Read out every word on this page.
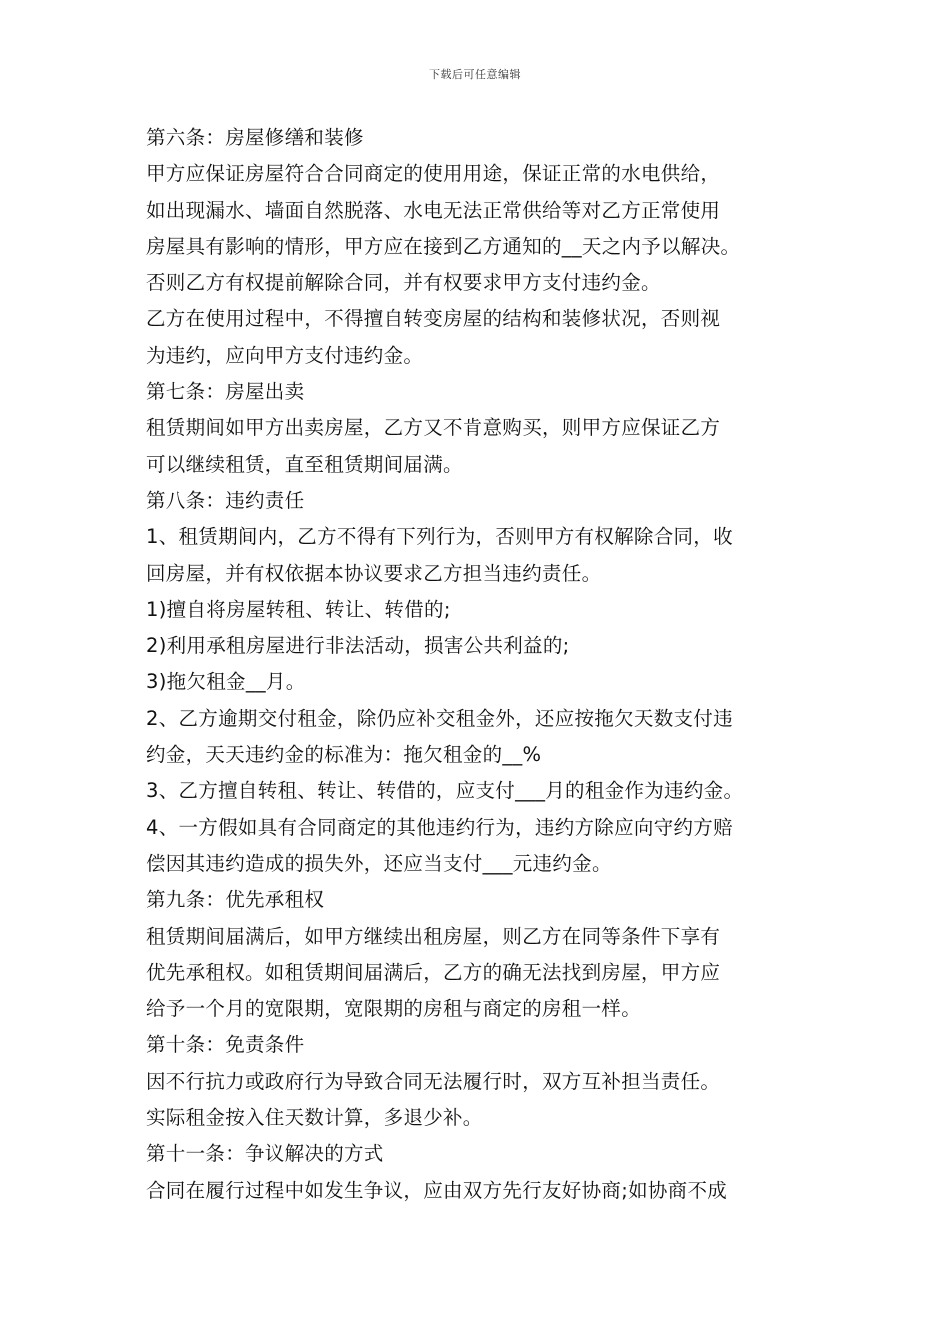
下载后可任意编辑
第六条：房屋修缮和装修
甲方应保证房屋符合合同商定的使用用途，保证正常的水电供给，
如出现漏水、墙面自然脱落、水电无法正常供给等对乙方正常使用
房屋具有影响的情形，甲方应在接到乙方通知的__天之内予以解决。
否则乙方有权提前解除合同，并有权要求甲方支付违约金。
乙方在使用过程中，不得擅自转变房屋的结构和装修状况，否则视
为违约，应向甲方支付违约金。
第七条：房屋出卖
租赁期间如甲方出卖房屋，乙方又不肯意购买，则甲方应保证乙方
可以继续租赁，直至租赁期间届满。
第八条：违约责任
1、租赁期间内，乙方不得有下列行为，否则甲方有权解除合同，收
回房屋，并有权依据本协议要求乙方担当违约责任。
1)擅自将房屋转租、转让、转借的;
2)利用承租房屋进行非法活动，损害公共利益的;
3)拖欠租金__月。
2、乙方逾期交付租金，除仍应补交租金外，还应按拖欠天数支付违
约金，天天违约金的标准为：拖欠租金的__%
3、乙方擅自转租、转让、转借的，应支付___月的租金作为违约金。
4、一方假如具有合同商定的其他违约行为，违约方除应向守约方赔
偿因其违约造成的损失外，还应当支付___元违约金。
第九条：优先承租权
租赁期间届满后，如甲方继续出租房屋，则乙方在同等条件下享有
优先承租权。如租赁期间届满后，乙方的确无法找到房屋，甲方应
给予一个月的宽限期，宽限期的房租与商定的房租一样。
第十条：免责条件
因不行抗力或政府行为导致合同无法履行时，双方互补担当责任。
实际租金按入住天数计算，多退少补。
第十一条：争议解决的方式
合同在履行过程中如发生争议，应由双方先行友好协商;如协商不成
